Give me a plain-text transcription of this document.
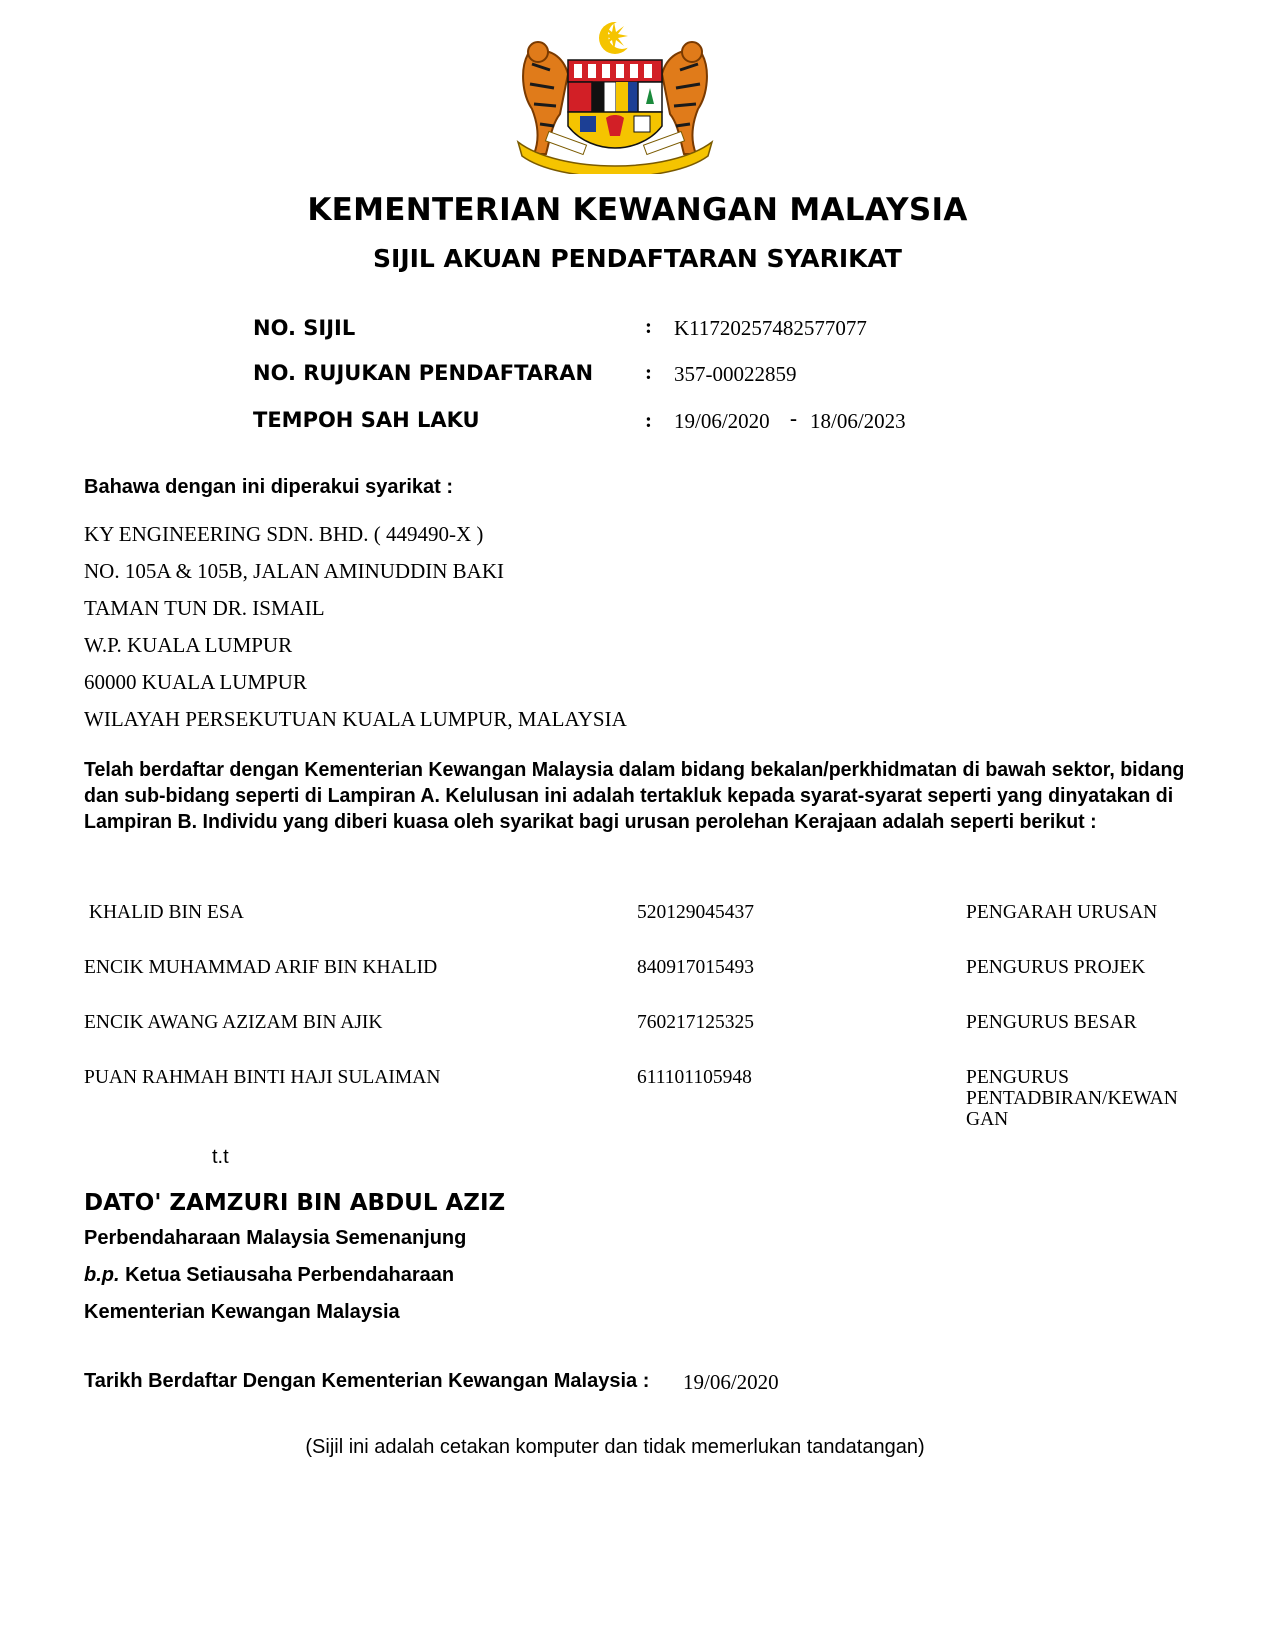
KEMENTERIAN KEWANGAN MALAYSIA
SIJIL AKUAN PENDAFTARAN SYARIKAT
NO. SIJIL	: K11720257482577077
NO. RUJUKAN PENDAFTARAN : 357-00022859
TEMPOH SAH LAKU	: 19/06/2020 - 18/06/2023
Bahawa dengan ini diperakui syarikat :
KY ENGINEERING SDN. BHD. ( 449490-X )
NO. 105A & 105B, JALAN AMINUDDIN BAKI
TAMAN TUN DR. ISMAIL
W.P. KUALA LUMPUR
60000 KUALA LUMPUR
WILAYAH PERSEKUTUAN KUALA LUMPUR, MALAYSIA
Telah berdaftar dengan Kementerian Kewangan Malaysia dalam bidang bekalan/perkhidmatan di bawah sektor, bidang
dan sub-bidang seperti di Lampiran A. Kelulusan ini adalah tertakluk kepada syarat-syarat seperti yang dinyatakan di
Lampiran B. Individu yang diberi kuasa oleh syarikat bagi urusan perolehan Kerajaan adalah seperti berikut :
KHALID BIN ESA	520129045437	PENGARAH URUSAN
ENCIK MUHAMMAD ARIF BIN KHALID	840917015493	PENGURUS PROJEK
ENCIK AWANG AZIZAM BIN AJIK	760217125325	PENGURUS BESAR
PUAN RAHMAH BINTI HAJI SULAIMAN	611101105948	PENGURUS
PENTADBIRAN/KEWAN
GAN
t.t
DATO' ZAMZURI BIN ABDUL AZIZ
Perbendaharaan Malaysia Semenanjung
b.p. Ketua Setiausaha Perbendaharaan
Kementerian Kewangan Malaysia
Tarikh Berdaftar Dengan Kementerian Kewangan Malaysia : 19/06/2020
(Sijil ini adalah cetakan komputer dan tidak memerlukan tandatangan)
